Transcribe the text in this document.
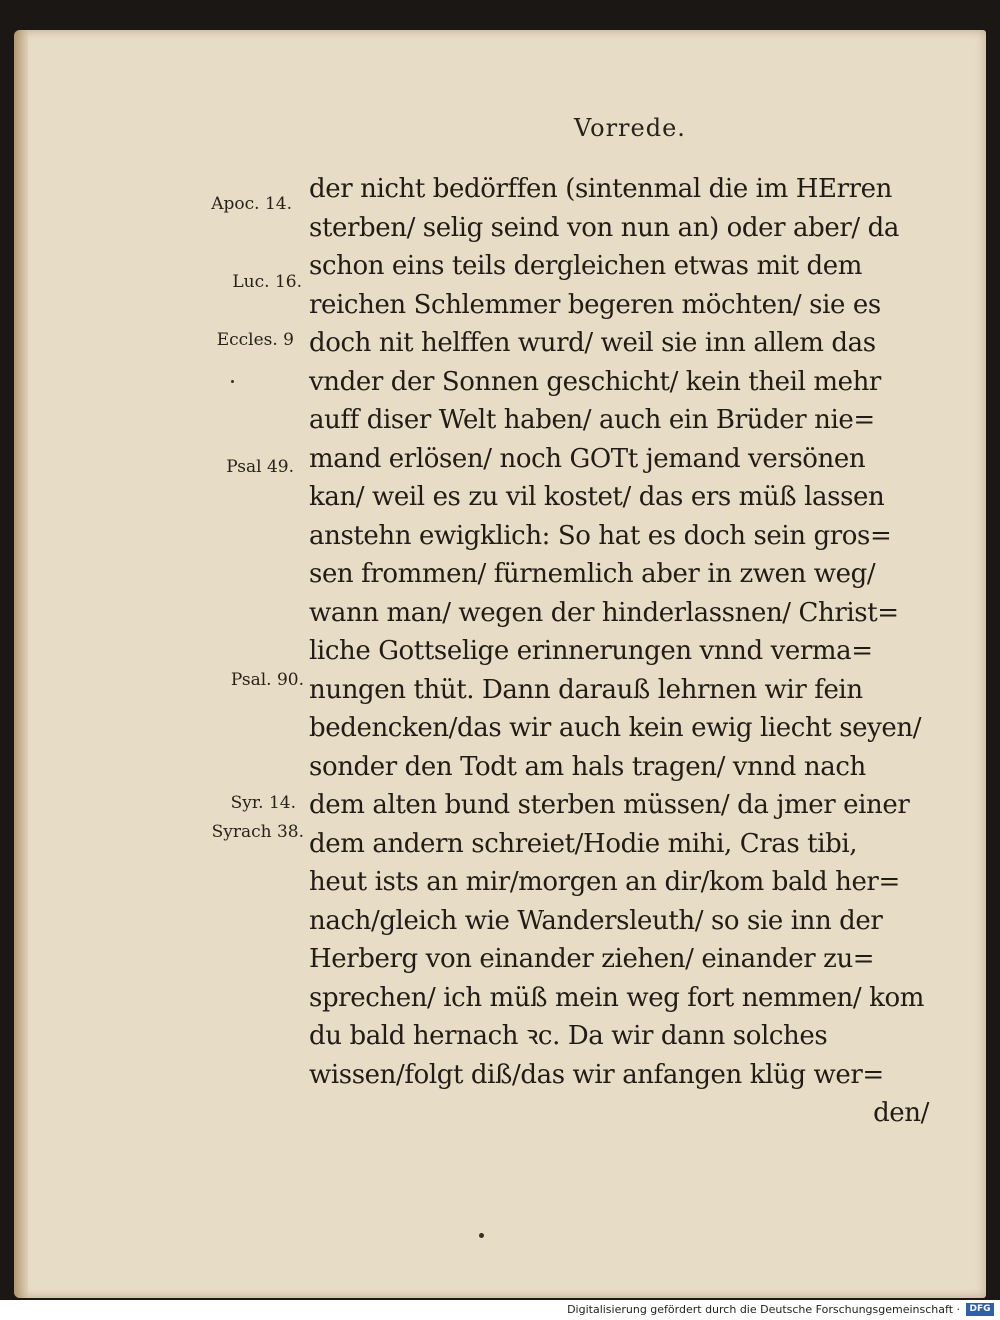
Vorrede.
der nicht bedörffen (sintenmal die im HErren
sterben/ selig seind von nun an) oder aber/ da
schon eins teils dergleichen etwas mit dem
reichen Schlemmer begeren möchten/ sie es
doch nit helffen wurd/ weil sie inn allem das
vnder der Sonnen geschicht/ kein theil mehr
auff diser Welt haben/ auch ein Brüder nie=
mand erlösen/ noch GOTt jemand versönen
kan/ weil es zu vil kostet/ das ers müß lassen
anstehn ewigklich: So hat es doch sein gros=
sen frommen/ fürnemlich aber in zwen weg/
wann man/ wegen der hinderlassnen/ Christ=
liche Gottselige erinnerungen vnnd verma=
nungen thüt. Dann darauß lehrnen wir fein
bedencken/das wir auch kein ewig liecht seyen/
sonder den Todt am hals tragen/ vnnd nach
dem alten bund sterben müssen/ da jmer einer
dem andern schreiet/Hodie mihi, Cras tibi,
heut ists an mir/morgen an dir/kom bald her=
nach/gleich wie Wandersleuth/ so sie inn der
Herberg von einander ziehen/ einander zu=
sprechen/ ich müß mein weg fort nemmen/ kom
du bald hernach ꝛc. Da wir dann solches
wissen/folgt diß/das wir anfangen klüg wer=
den/
Apoc. 14.
Luc. 16.
Eccles. 9
Psal 49.
Psal. 90.
Syr. 14.
Syrach 38.
Digitalisierung gefördert durch die Deutsche Forschungsgemeinschaft ·	DFG
